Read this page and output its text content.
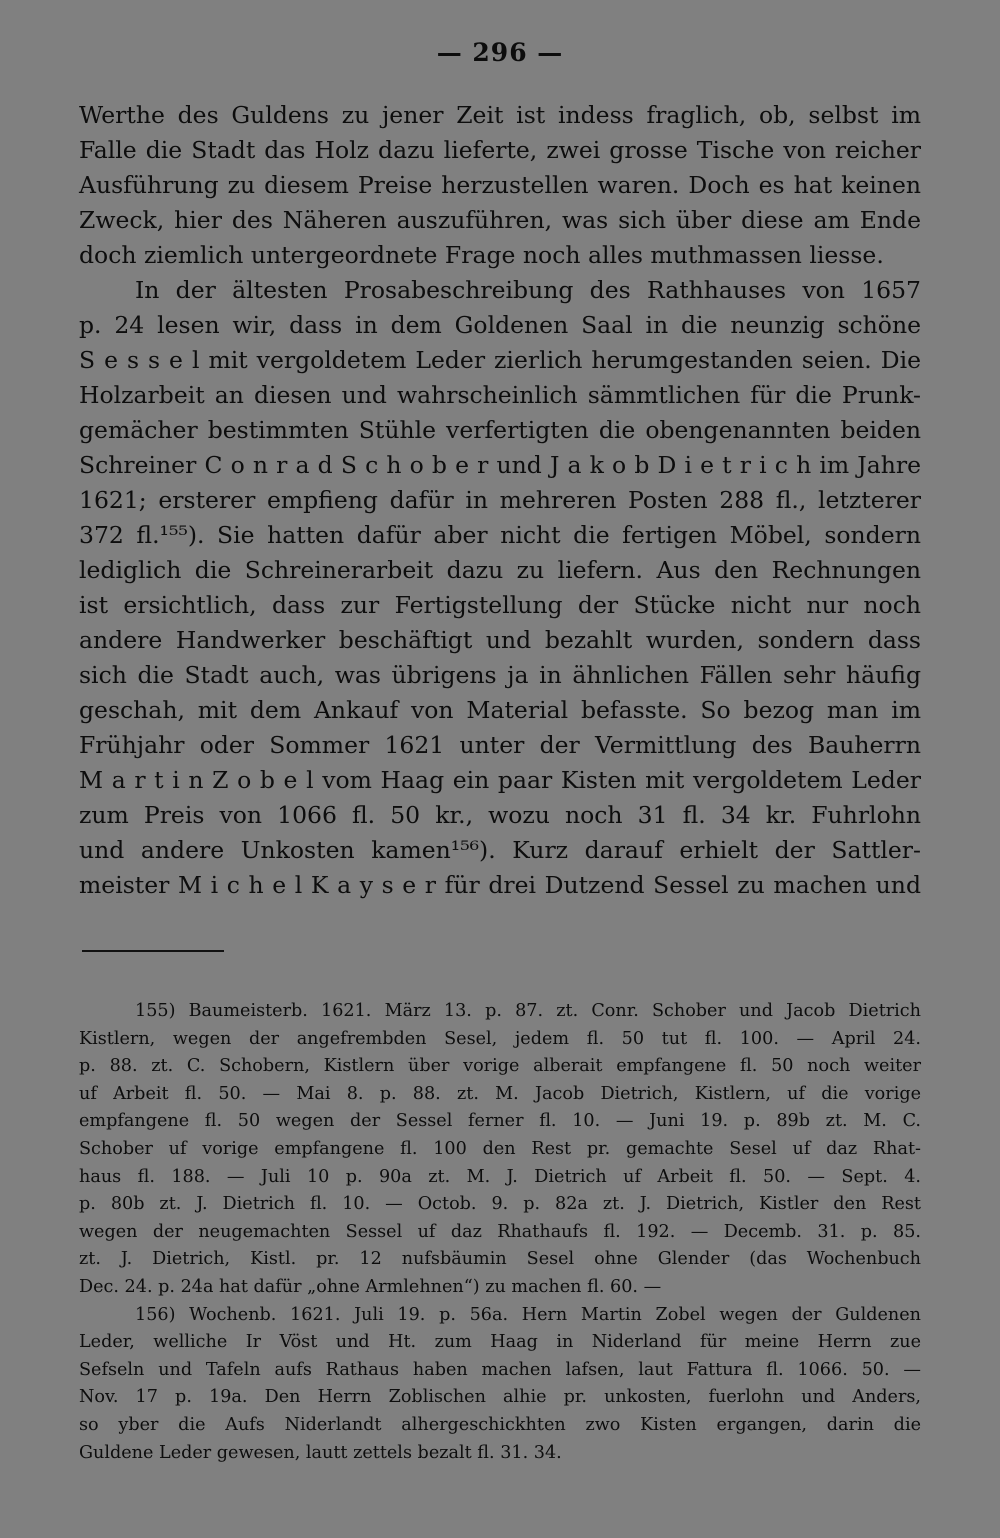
— 296 —
Werthe des Guldens zu jener Zeit ist indess fraglich, ob, selbst im
Falle die Stadt das Holz dazu lieferte, zwei grosse Tische von reicher
Ausführung zu diesem Preise herzustellen waren. Doch es hat keinen
Zweck, hier des Näheren auszuführen, was sich über diese am Ende
doch ziemlich untergeordnete Frage noch alles muthmassen liesse.
In der ältesten Prosabeschreibung des Rathhauses von 1657
p. 24 lesen wir, dass in dem Goldenen Saal in die neunzig schöne
S e s s e l mit vergoldetem Leder zierlich herumgestanden seien. Die
Holzarbeit an diesen und wahrscheinlich sämmtlichen für die Prunk-
gemächer bestimmten Stühle verfertigten die obengenannten beiden
Schreiner C o n r a d S c h o b e r und J a k o b D i e t r i c h im Jahre
1621; ersterer empfieng dafür in mehreren Posten 288 fl., letzterer
372 fl.¹⁵⁵). Sie hatten dafür aber nicht die fertigen Möbel, sondern
lediglich die Schreinerarbeit dazu zu liefern. Aus den Rechnungen
ist ersichtlich, dass zur Fertigstellung der Stücke nicht nur noch
andere Handwerker beschäftigt und bezahlt wurden, sondern dass
sich die Stadt auch, was übrigens ja in ähnlichen Fällen sehr häufig
geschah, mit dem Ankauf von Material befasste. So bezog man im
Frühjahr oder Sommer 1621 unter der Vermittlung des Bauherrn
M a r t i n Z o b e l vom Haag ein paar Kisten mit vergoldetem Leder
zum Preis von 1066 fl. 50 kr., wozu noch 31 fl. 34 kr. Fuhrlohn
und andere Unkosten kamen¹⁵⁶). Kurz darauf erhielt der Sattler-
meister M i c h e l K a y s e r für drei Dutzend Sessel zu machen und
155) Baumeisterb. 1621. März 13. p. 87. zt. Conr. Schober und Jacob Dietrich
Kistlern, wegen der angefrembden Sesel, jedem fl. 50 tut fl. 100. — April 24.
p. 88. zt. C. Schobern, Kistlern über vorige alberait empfangene fl. 50 noch weiter
uf Arbeit fl. 50. — Mai 8. p. 88. zt. M. Jacob Dietrich, Kistlern, uf die vorige
empfangene fl. 50 wegen der Sessel ferner fl. 10. — Juni 19. p. 89b zt. M. C.
Schober uf vorige empfangene fl. 100 den Rest pr. gemachte Sesel uf daz Rhat-
haus fl. 188. — Juli 10 p. 90a zt. M. J. Dietrich uf Arbeit fl. 50. — Sept. 4.
p. 80b zt. J. Dietrich fl. 10. — Octob. 9. p. 82a zt. J. Dietrich, Kistler den Rest
wegen der neugemachten Sessel uf daz Rhathaufs fl. 192. — Decemb. 31. p. 85.
zt. J. Dietrich, Kistl. pr. 12 nufsbäumin Sesel ohne Glender (das Wochenbuch
Dec. 24. p. 24a hat dafür „ohne Armlehnen“) zu machen fl. 60. —
156) Wochenb. 1621. Juli 19. p. 56a. Hern Martin Zobel wegen der Guldenen
Leder, welliche Ir Vöst und Ht. zum Haag in Niderland für meine Herrn zue
Sefseln und Tafeln aufs Rathaus haben machen lafsen, laut Fattura fl. 1066. 50. —
Nov. 17 p. 19a. Den Herrn Zoblischen alhie pr. unkosten, fuerlohn und Anders,
so yber die Aufs Niderlandt alhergeschickhten zwo Kisten ergangen, darin die
Guldene Leder gewesen, lautt zettels bezalt fl. 31. 34.
